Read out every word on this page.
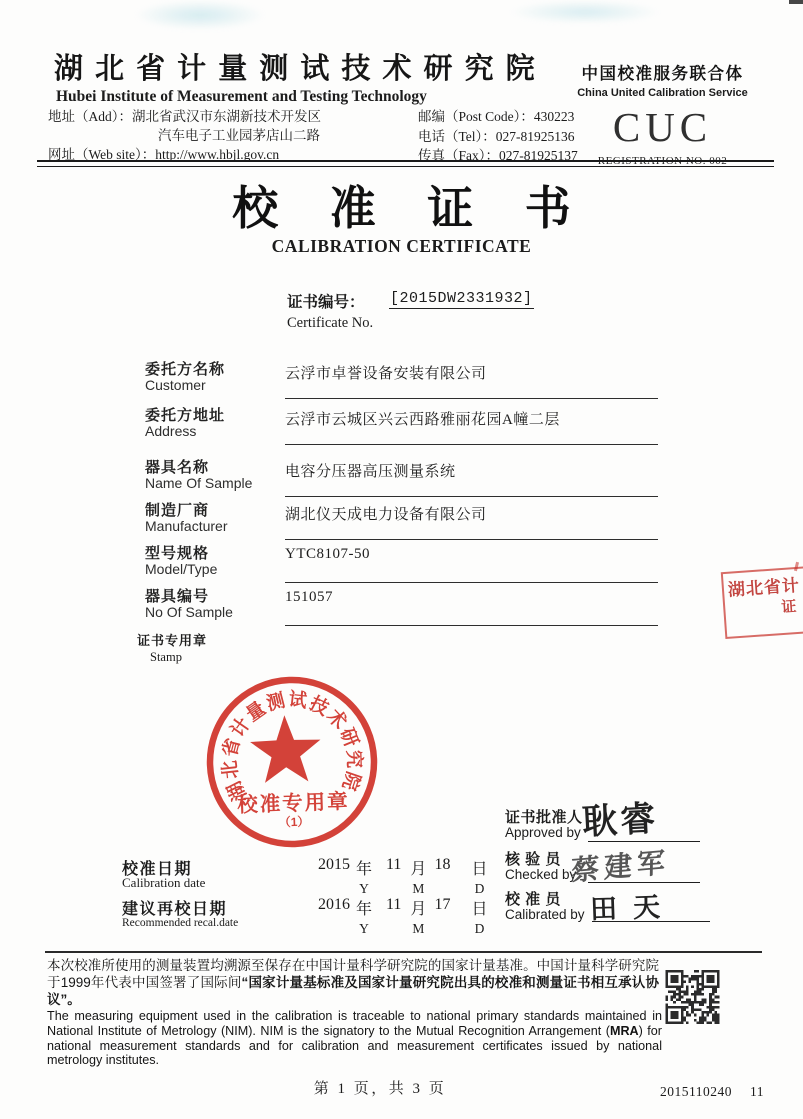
湖 北 省 计 量 测 试 技 术 研 究 院
Hubei Institute of Measurement and Testing Technology
地址（Add）：湖北省武汉市东湖新技术开发区
汽车电子工业园茅店山二路
网址（Web site）：http://www.hbjl.gov.cn
邮编（Post Code）：430223
电话（Tel）：027-81925136
传真（Fax）：027-81925137
中国校准服务联合体
China United Calibration Service
CUC
REGISTRATION NO. 002
校 准 证 书
CALIBRATION CERTIFICATE
证书编号：
Certificate No.
[2015DW2331932]
委托方名称
Customer
云浮市卓誉设备安装有限公司
委托方地址
Address
云浮市云城区兴云西路雅丽花园A幢二层
器具名称
Name Of Sample
电容分压器高压测量系统
制造厂商
Manufacturer
湖北仪天成电力设备有限公司
型号规格
Model/Type
YTC8107-50
器具编号
No Of Sample
151057
证书专用章
Stamp
湖北省计量测试技术研究院
校准专用章
（1）
湖北省计
证
证书批准人
Approved by
核 验 员
Checked by
校 准 员
Calibrated by
耿睿
蔡建军
田天
校准日期
Calibration date
2015 年
Y
11 月
M
18 日
D
建议再校日期
Recommended recal.date
2016 年
Y
11 月
M
17 日
D
本次校准所使用的测量装置均溯源至保存在中国计量科学研究院的国家计量基准。中国计量科学研究院于1999年代表中国签署了国际间“国家计量基标准及国家计量研究院出具的校准和测量证书相互承认协议”。
The measuring equipment used in the calibration is traceable to national primary standards maintained in National Institute of Metrology (NIM). NIM is the signatory to the Mutual Recognition Arrangement (MRA) for national measurement standards and for calibration and measurement certificates issued by national metrology institutes.
第 1 页，共 3 页	2015110240 11
